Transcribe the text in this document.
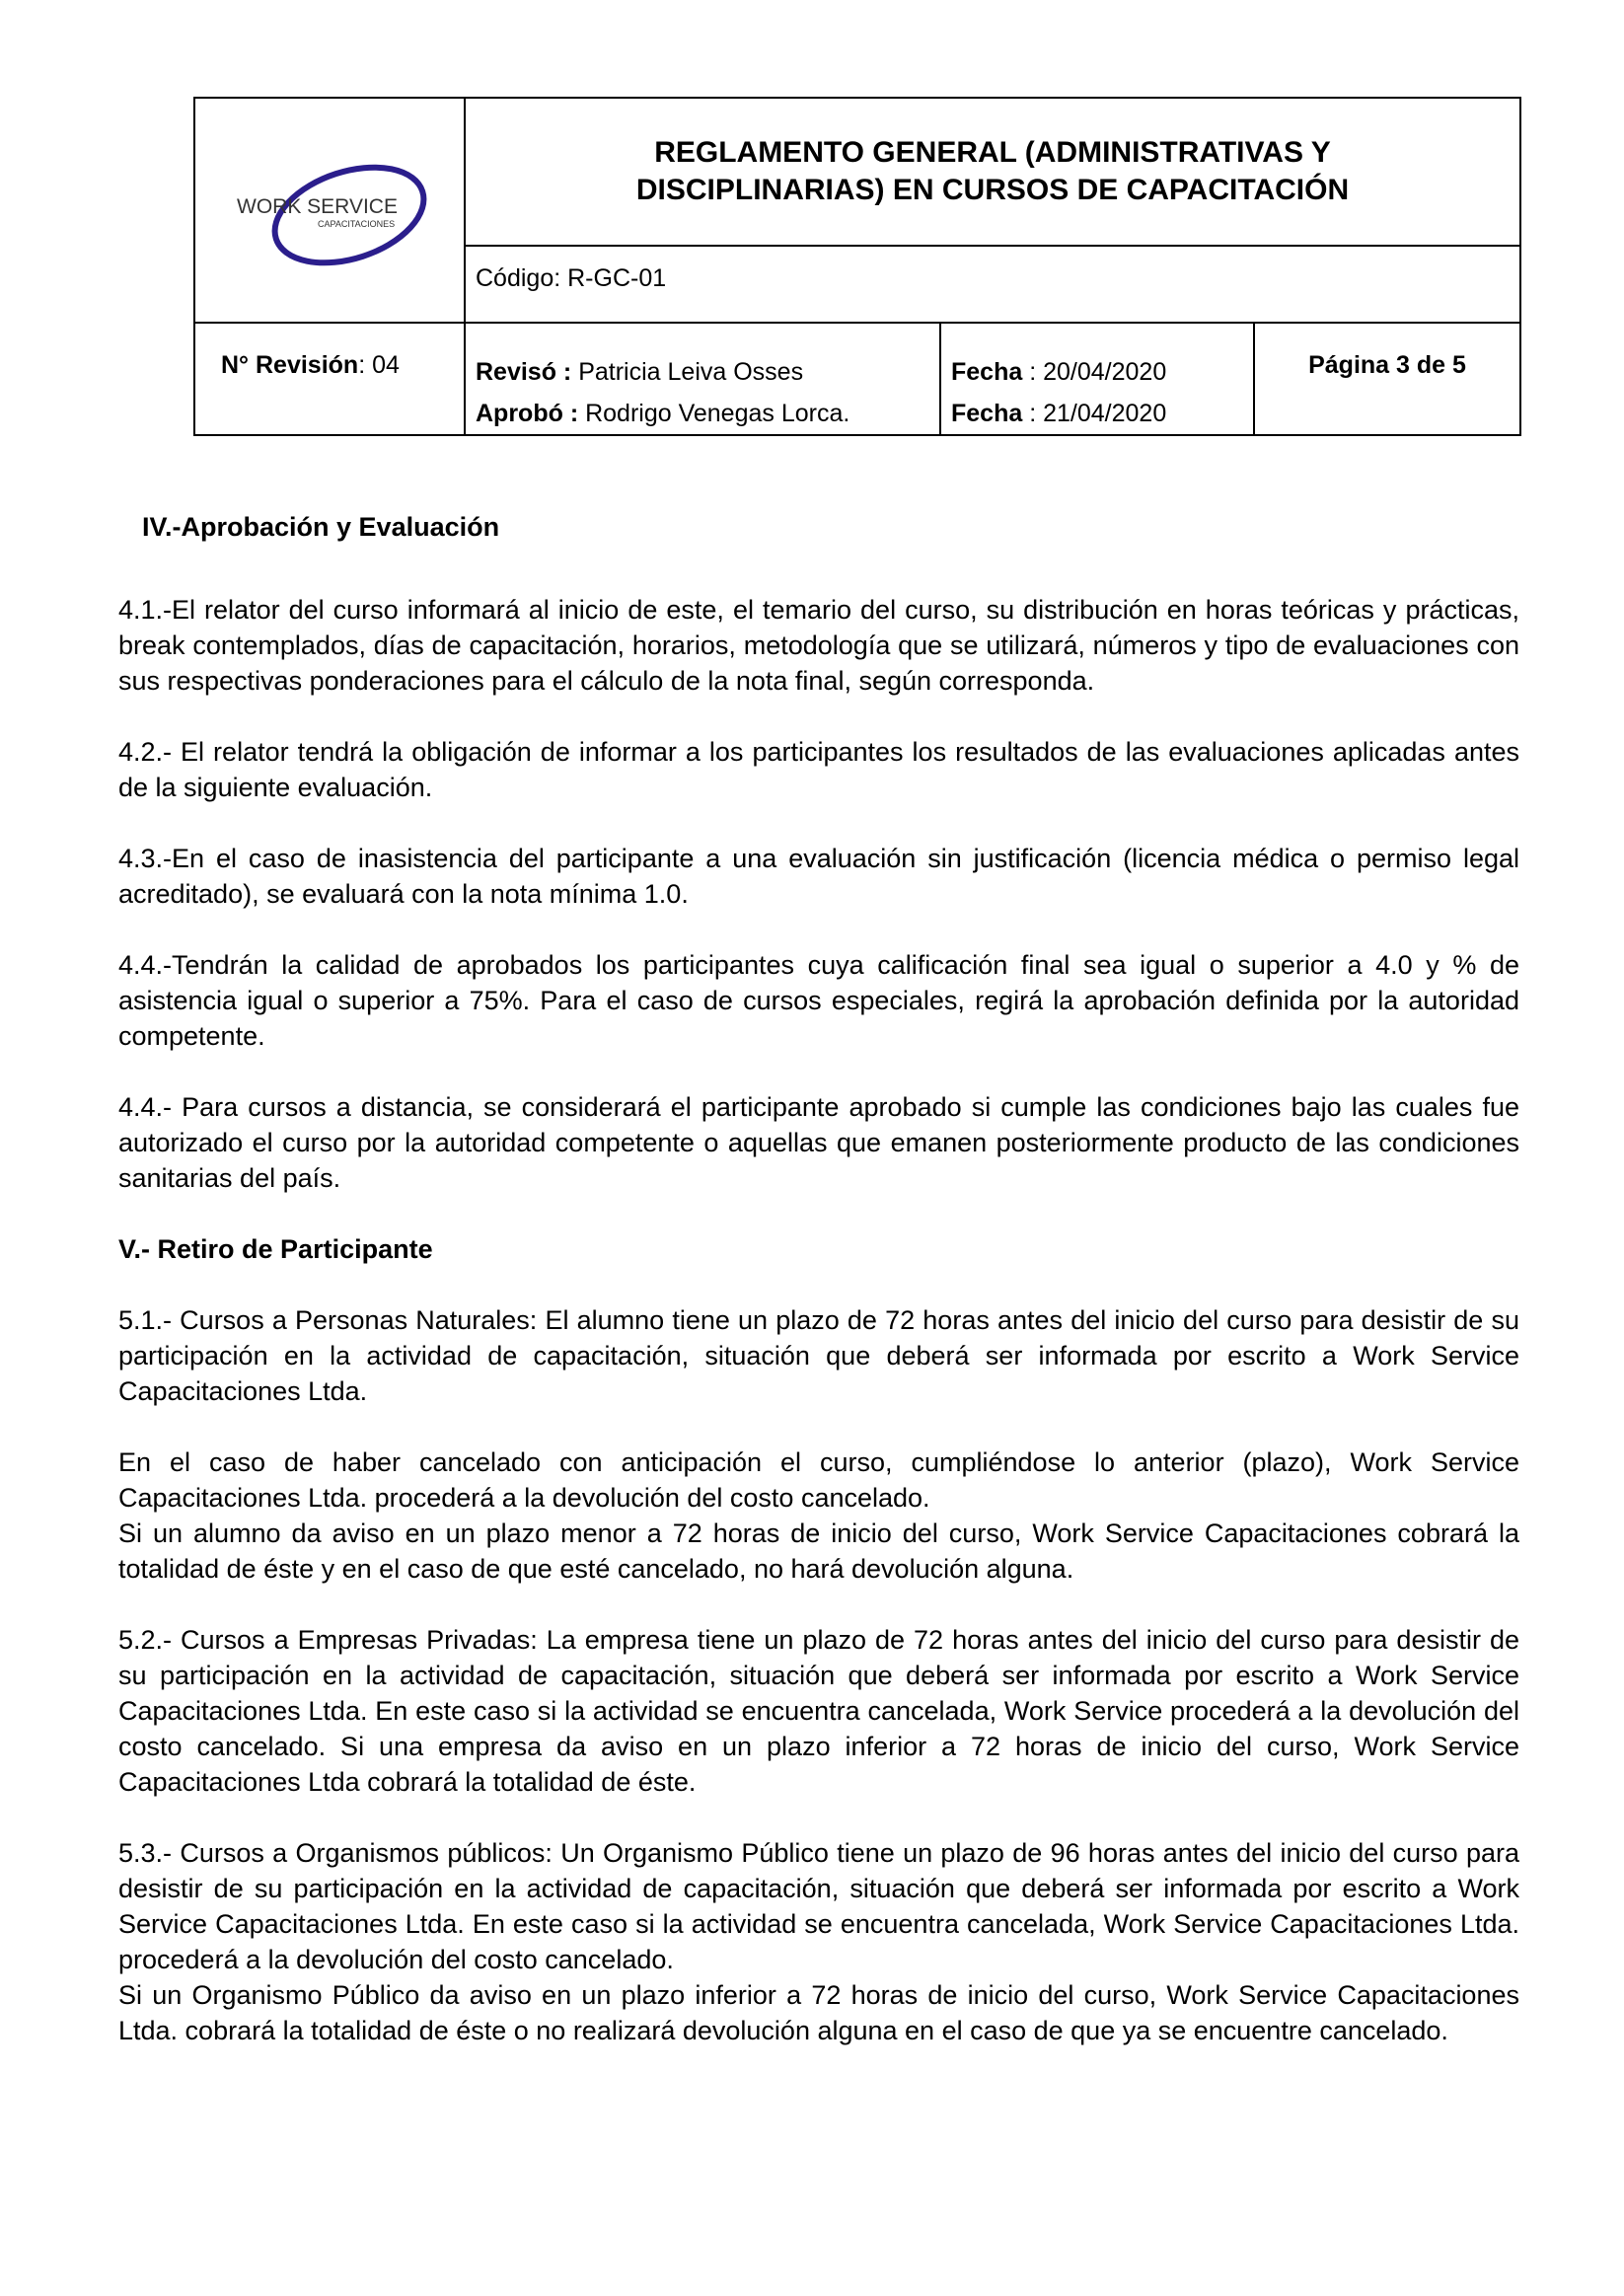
WORK SERVICE
CAPACITACIONES
REGLAMENTO GENERAL (ADMINISTRATIVAS Y
DISCIPLINARIAS) EN CURSOS DE CAPACITACIÓN
Código: R-GC-01
N° Revisión: 04	Revisó : Patricia Leiva Osses
Aprobó : Rodrigo Venegas Lorca.
Fecha : 20/04/2020
Fecha : 21/04/2020
Página 3 de 5

IV.-Aprobación y Evaluación

4.1.-El relator del curso informará al inicio de este, el temario del curso, su distribución en horas teóricas y prácticas, break contemplados, días de capacitación, horarios, metodología que se utilizará, números y tipo de evaluaciones con sus respectivas ponderaciones para el cálculo de la nota final, según corresponda.

4.2.- El relator tendrá la obligación de informar a los participantes los resultados de las evaluaciones aplicadas antes de la siguiente evaluación.

4.3.-En el caso de inasistencia del participante a una evaluación sin justificación (licencia médica o permiso legal acreditado), se evaluará con la nota mínima 1.0.

4.4.-Tendrán la calidad de aprobados los participantes cuya calificación final sea igual o superior a 4.0 y % de asistencia igual o superior a 75%. Para el caso de cursos especiales, regirá la aprobación definida por la autoridad competente.

4.4.- Para cursos a distancia, se considerará el participante aprobado si cumple las condiciones bajo las cuales fue autorizado el curso por la autoridad competente o aquellas que emanen posteriormente producto de las condiciones sanitarias del país.

V.- Retiro de Participante

5.1.- Cursos a Personas Naturales: El alumno tiene un plazo de 72 horas antes del inicio del curso para desistir de su participación en la actividad de capacitación, situación que deberá ser informada por escrito a Work Service Capacitaciones Ltda.

En el caso de haber cancelado con anticipación el curso, cumpliéndose lo anterior (plazo), Work Service Capacitaciones Ltda. procederá a la devolución del costo cancelado.

Si un alumno da aviso en un plazo menor a 72 horas de inicio del curso, Work Service Capacitaciones cobrará la totalidad de éste y en el caso de que esté cancelado, no hará devolución alguna.

5.2.- Cursos a Empresas Privadas: La empresa tiene un plazo de 72 horas antes del inicio del curso para desistir de su participación en la actividad de capacitación, situación que deberá ser informada por escrito a Work Service Capacitaciones Ltda. En este caso si la actividad se encuentra cancelada, Work Service procederá a la devolución del costo cancelado. Si una empresa da aviso en un plazo inferior a 72 horas de inicio del curso, Work Service Capacitaciones Ltda cobrará la totalidad de éste.

5.3.- Cursos a Organismos públicos: Un Organismo Público tiene un plazo de 96 horas antes del inicio del curso para desistir de su participación en la actividad de capacitación, situación que deberá ser informada por escrito a Work Service Capacitaciones Ltda. En este caso si la actividad se encuentra cancelada, Work Service Capacitaciones Ltda. procederá a la devolución del costo cancelado.

Si un Organismo Público da aviso en un plazo inferior a 72 horas de inicio del curso, Work Service Capacitaciones Ltda. cobrará la totalidad de éste o no realizará devolución alguna en el caso de que ya se encuentre cancelado.
